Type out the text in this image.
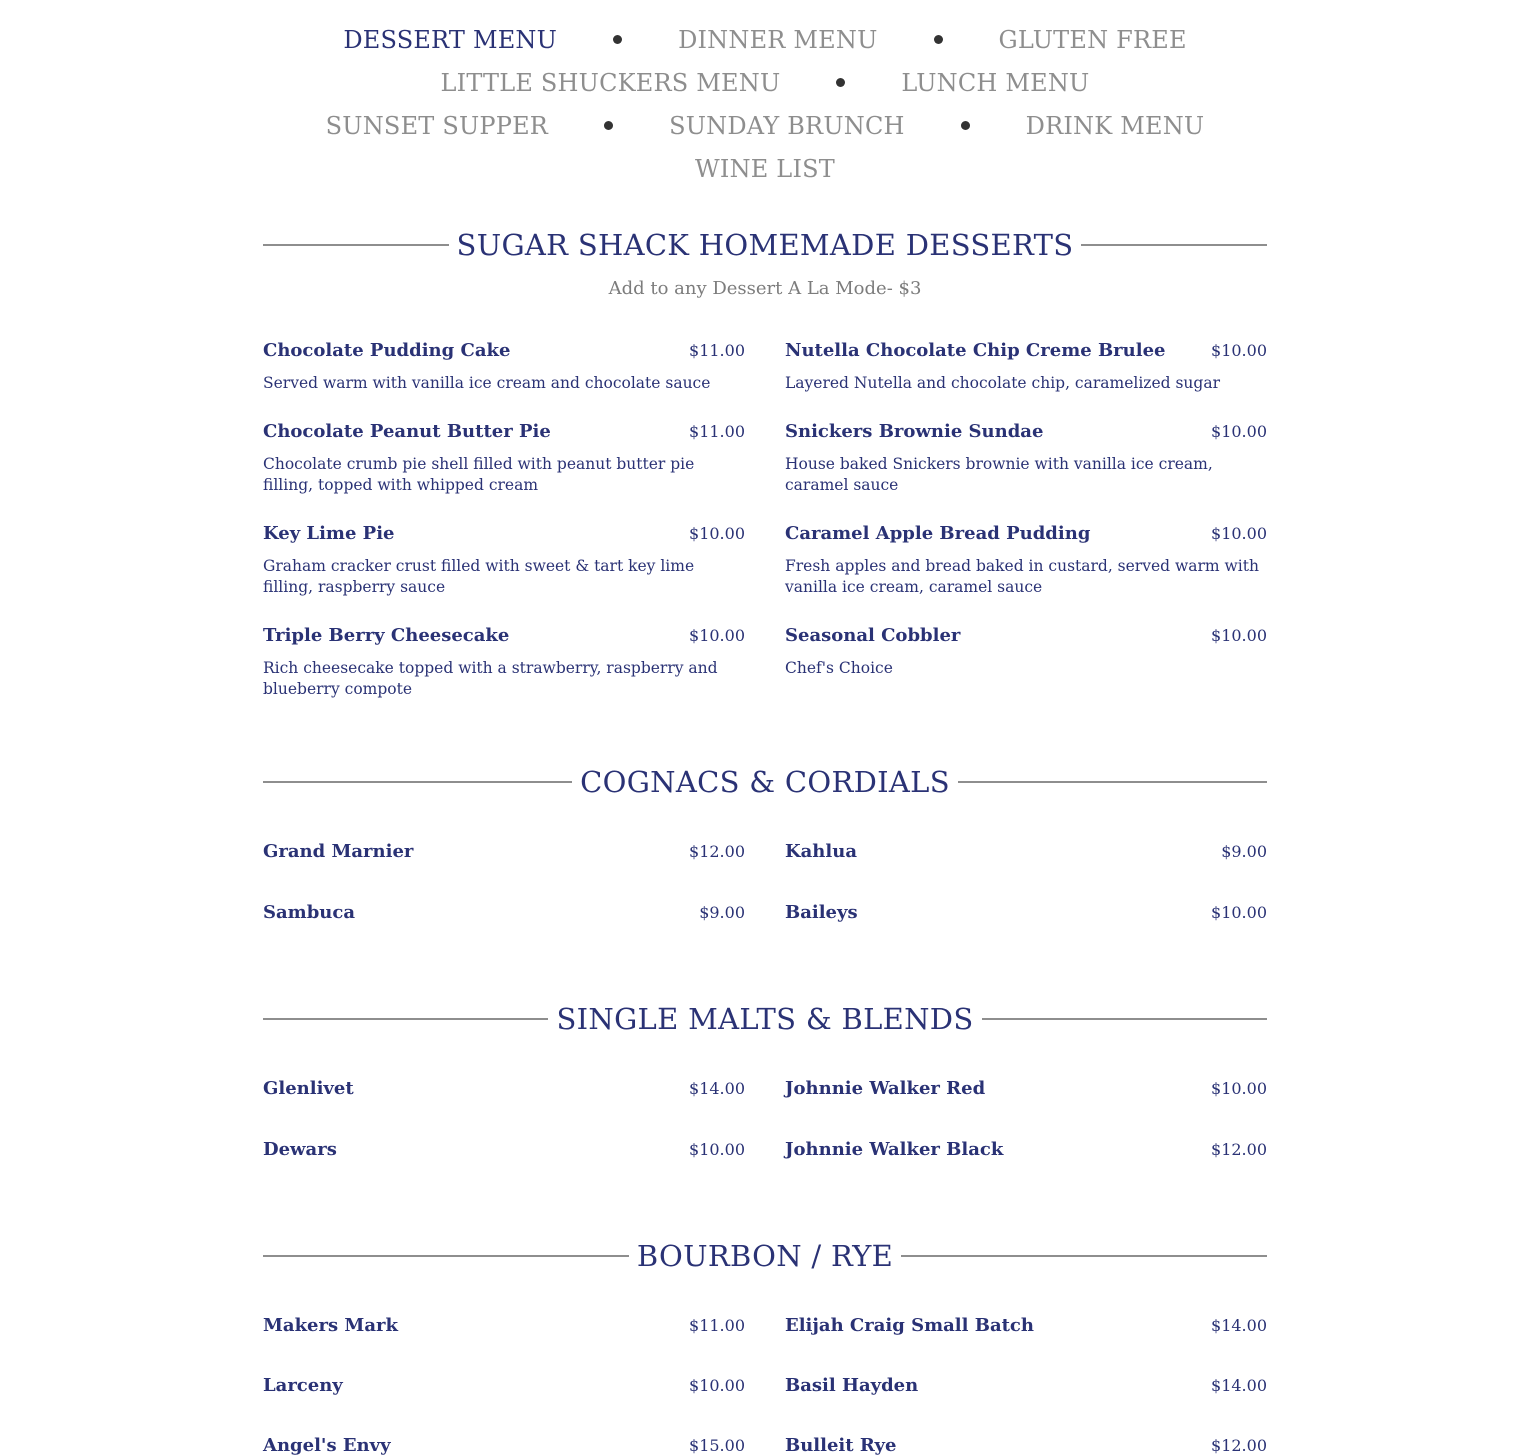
DESSERT MENU	DINNER MENU	GLUTEN FREE
LITTLE SHUCKERS MENU	LUNCH MENU
SUNSET SUPPER	SUNDAY BRUNCH	DRINK MENU
WINE LIST
SUGAR SHACK HOMEMADE DESSERTS
Add to any Dessert A La Mode- $3
Chocolate Pudding Cake	$11.00
Served warm with vanilla ice cream and chocolate sauce
Nutella Chocolate Chip Creme Brulee	$10.00
Layered Nutella and chocolate chip, caramelized sugar
Chocolate Peanut Butter Pie	$11.00
Chocolate crumb pie shell filled with peanut butter pie filling, topped with whipped cream
Snickers Brownie Sundae	$10.00
House baked Snickers brownie with vanilla ice cream, caramel sauce
Key Lime Pie	$10.00
Graham cracker crust filled with sweet & tart key lime filling, raspberry sauce
Caramel Apple Bread Pudding	$10.00
Fresh apples and bread baked in custard, served warm with vanilla ice cream, caramel sauce
Triple Berry Cheesecake	$10.00
Rich cheesecake topped with a strawberry, raspberry and blueberry compote
Seasonal Cobbler	$10.00
Chef's Choice
COGNACS & CORDIALS
Grand Marnier	$12.00 Kahlua	$9.00
Sambuca	$9.00 Baileys	$10.00
SINGLE MALTS & BLENDS
Glenlivet	$14.00 Johnnie Walker Red	$10.00
Dewars	$10.00 Johnnie Walker Black	$12.00
BOURBON / RYE
Makers Mark	$11.00 Elijah Craig Small Batch	$14.00
Larceny	$10.00 Basil Hayden	$14.00
Angel's Envy	$15.00 Bulleit Rye	$12.00
